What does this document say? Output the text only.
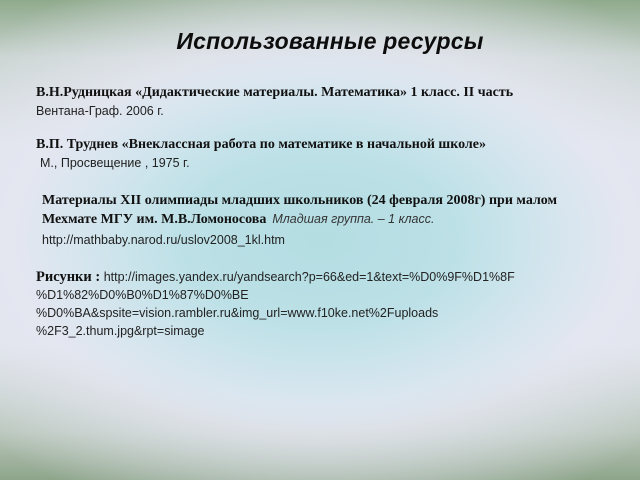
Использованные ресурсы
В.Н.Рудницкая «Дидактические материалы. Математика» 1 класс. II часть
Вентана-Граф. 2006 г.
В.П. Труднев «Внеклассная работа по математике в начальной школе»
М., Просвещение , 1975 г.
Материалы XII олимпиады младших школьников (24 февраля 2008г) при малом Мехмате МГУ им. М.В.Ломоносова Младшая группа. – 1 класс.
http://mathbaby.narod.ru/uslov2008_1kl.htm
Рисунки : http://images.yandex.ru/yandsearch?p=66&ed=1&text=%D0%9F%D1%8F
%D1%82%D0%B0%D1%87%D0%BE
%D0%BA&spsite=vision.rambler.ru&img_url=www.f10ke.net%2Fuploads
%2F3_2.thum.jpg&rpt=simage
